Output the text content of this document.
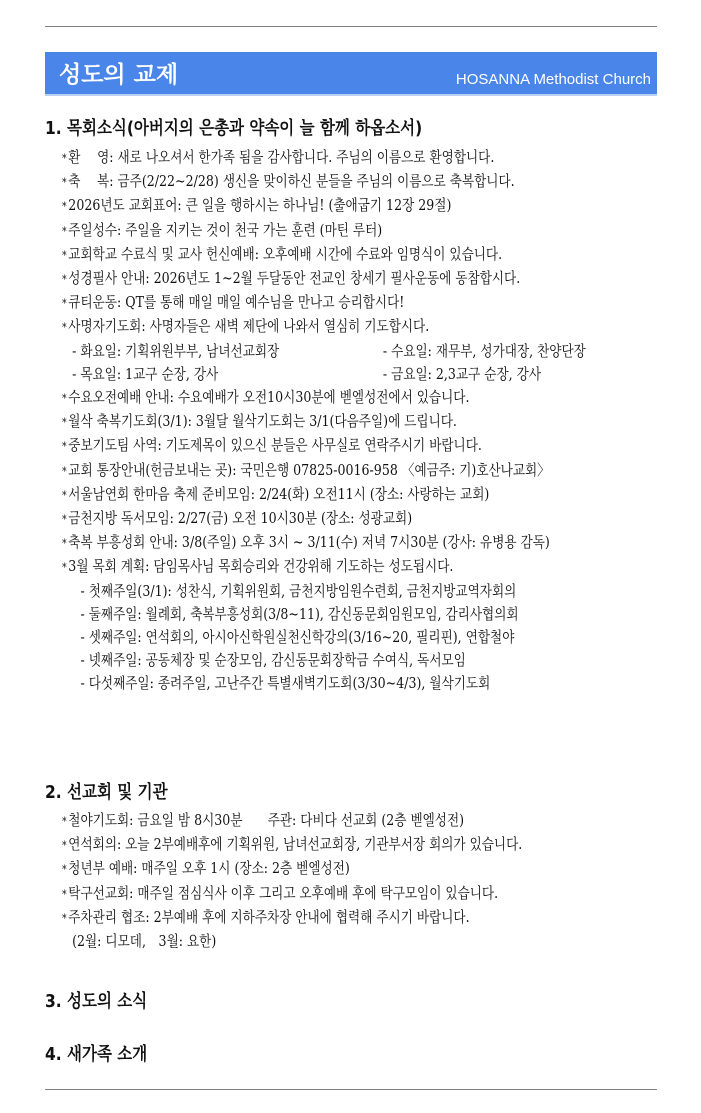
성도의 교제	HOSANNA Methodist Church
1. 목회소식(아버지의 은총과 약속이 늘 함께 하옵소서)
* 환　 영: 새로 나오셔서 한가족 됨을 감사합니다. 주님의 이름으로 환영합니다.
* 축　 복: 금주(2/22~2/28) 생신을 맞이하신 분들을 주님의 이름으로 축복합니다.
* 2026년도 교회표어: 큰 일을 행하시는 하나님! (출애굽기 12장 29절)
* 주일성수: 주일을 지키는 것이 천국 가는 훈련 (마틴 루터)
* 교회학교 수료식 및 교사 헌신예배: 오후예배 시간에 수료와 임명식이 있습니다.
* 성경필사 안내: 2026년도 1~2월 두달동안 전교인 창세기 필사운동에 동참합시다.
* 큐티운동: QT를 통해 매일 매일 예수님을 만나고 승리합시다!
* 사명자기도회: 사명자들은 새벽 제단에 나와서 열심히 기도합시다.
- 화요일: 기획위원부부, 남녀선교회장	- 수요일: 재무부, 성가대장, 찬양단장
- 목요일: 1교구 순장, 강사	- 금요일: 2,3교구 순장, 강사
* 수요오전예배 안내: 수요예배가 오전10시30분에 벧엘성전에서 있습니다.
* 월삭 축복기도회(3/1): 3월달 월삭기도회는 3/1(다음주일)에 드립니다.
* 중보기도팀 사역: 기도제목이 있으신 분들은 사무실로 연락주시기 바랍니다.
* 교회 통장안내(헌금보내는 곳): 국민은행 07825-0016-958 〈예금주: 기)호산나교회〉
* 서울남연회 한마음 축제 준비모임: 2/24(화) 오전11시 (장소: 사랑하는 교회)
* 금천지방 독서모임: 2/27(금) 오전 10시30분 (장소: 성광교회)
* 축복 부흥성회 안내: 3/8(주일) 오후 3시 ~ 3/11(수) 저녁 7시30분 (강사: 유병용 감독)
* 3월 목회 계획: 담임목사님 목회승리와 건강위해 기도하는 성도됩시다.
- 첫째주일(3/1): 성찬식, 기획위원회, 금천지방임원수련회, 금천지방교역자회의
- 둘째주일: 월례회, 축복부흥성회(3/8~11), 감신동문회임원모임, 감리사협의회
- 셋째주일: 연석회의, 아시아신학원실천신학강의(3/16~20, 필리핀), 연합철야
- 넷째주일: 공동체장 및 순장모임, 감신동문회장학금 수여식, 독서모임
- 다섯째주일: 종려주일, 고난주간 특별새벽기도회(3/30~4/3), 월삭기도회
2. 선교회 및 기관
* 철야기도회: 금요일 밤 8시30분　　주관: 다비다 선교회 (2층 벧엘성전)
* 연석회의: 오늘 2부예배후에 기획위원, 남녀선교회장, 기관부서장 회의가 있습니다.
* 청년부 예배: 매주일 오후 1시 (장소: 2층 벧엘성전)
* 탁구선교회: 매주일 점심식사 이후 그리고 오후예배 후에 탁구모임이 있습니다.
* 주차관리 협조: 2부예배 후에 지하주차장 안내에 협력해 주시기 바랍니다.
(2월: 디모데,　3월: 요한)
3. 성도의 소식
4. 새가족 소개
